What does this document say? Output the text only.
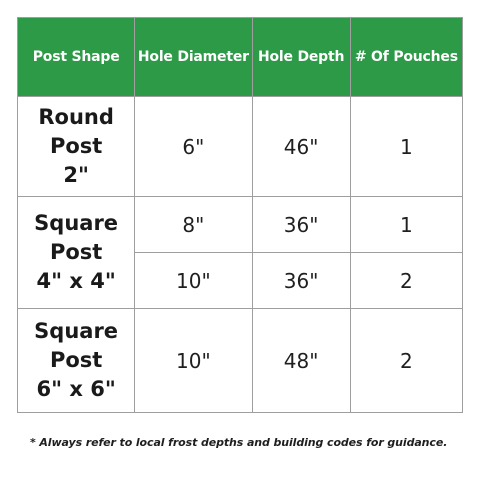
Post Shape	Hole Diameter	Hole Depth	# Of Pouches

Round
Post
2"	6"	46"	1

Square
Post
4" x 4"	8"	36"	1
	10"	36"	2

Square
Post
6" x 6"	10"	48"	2
* Always refer to local frost depths and building codes for guidance.
